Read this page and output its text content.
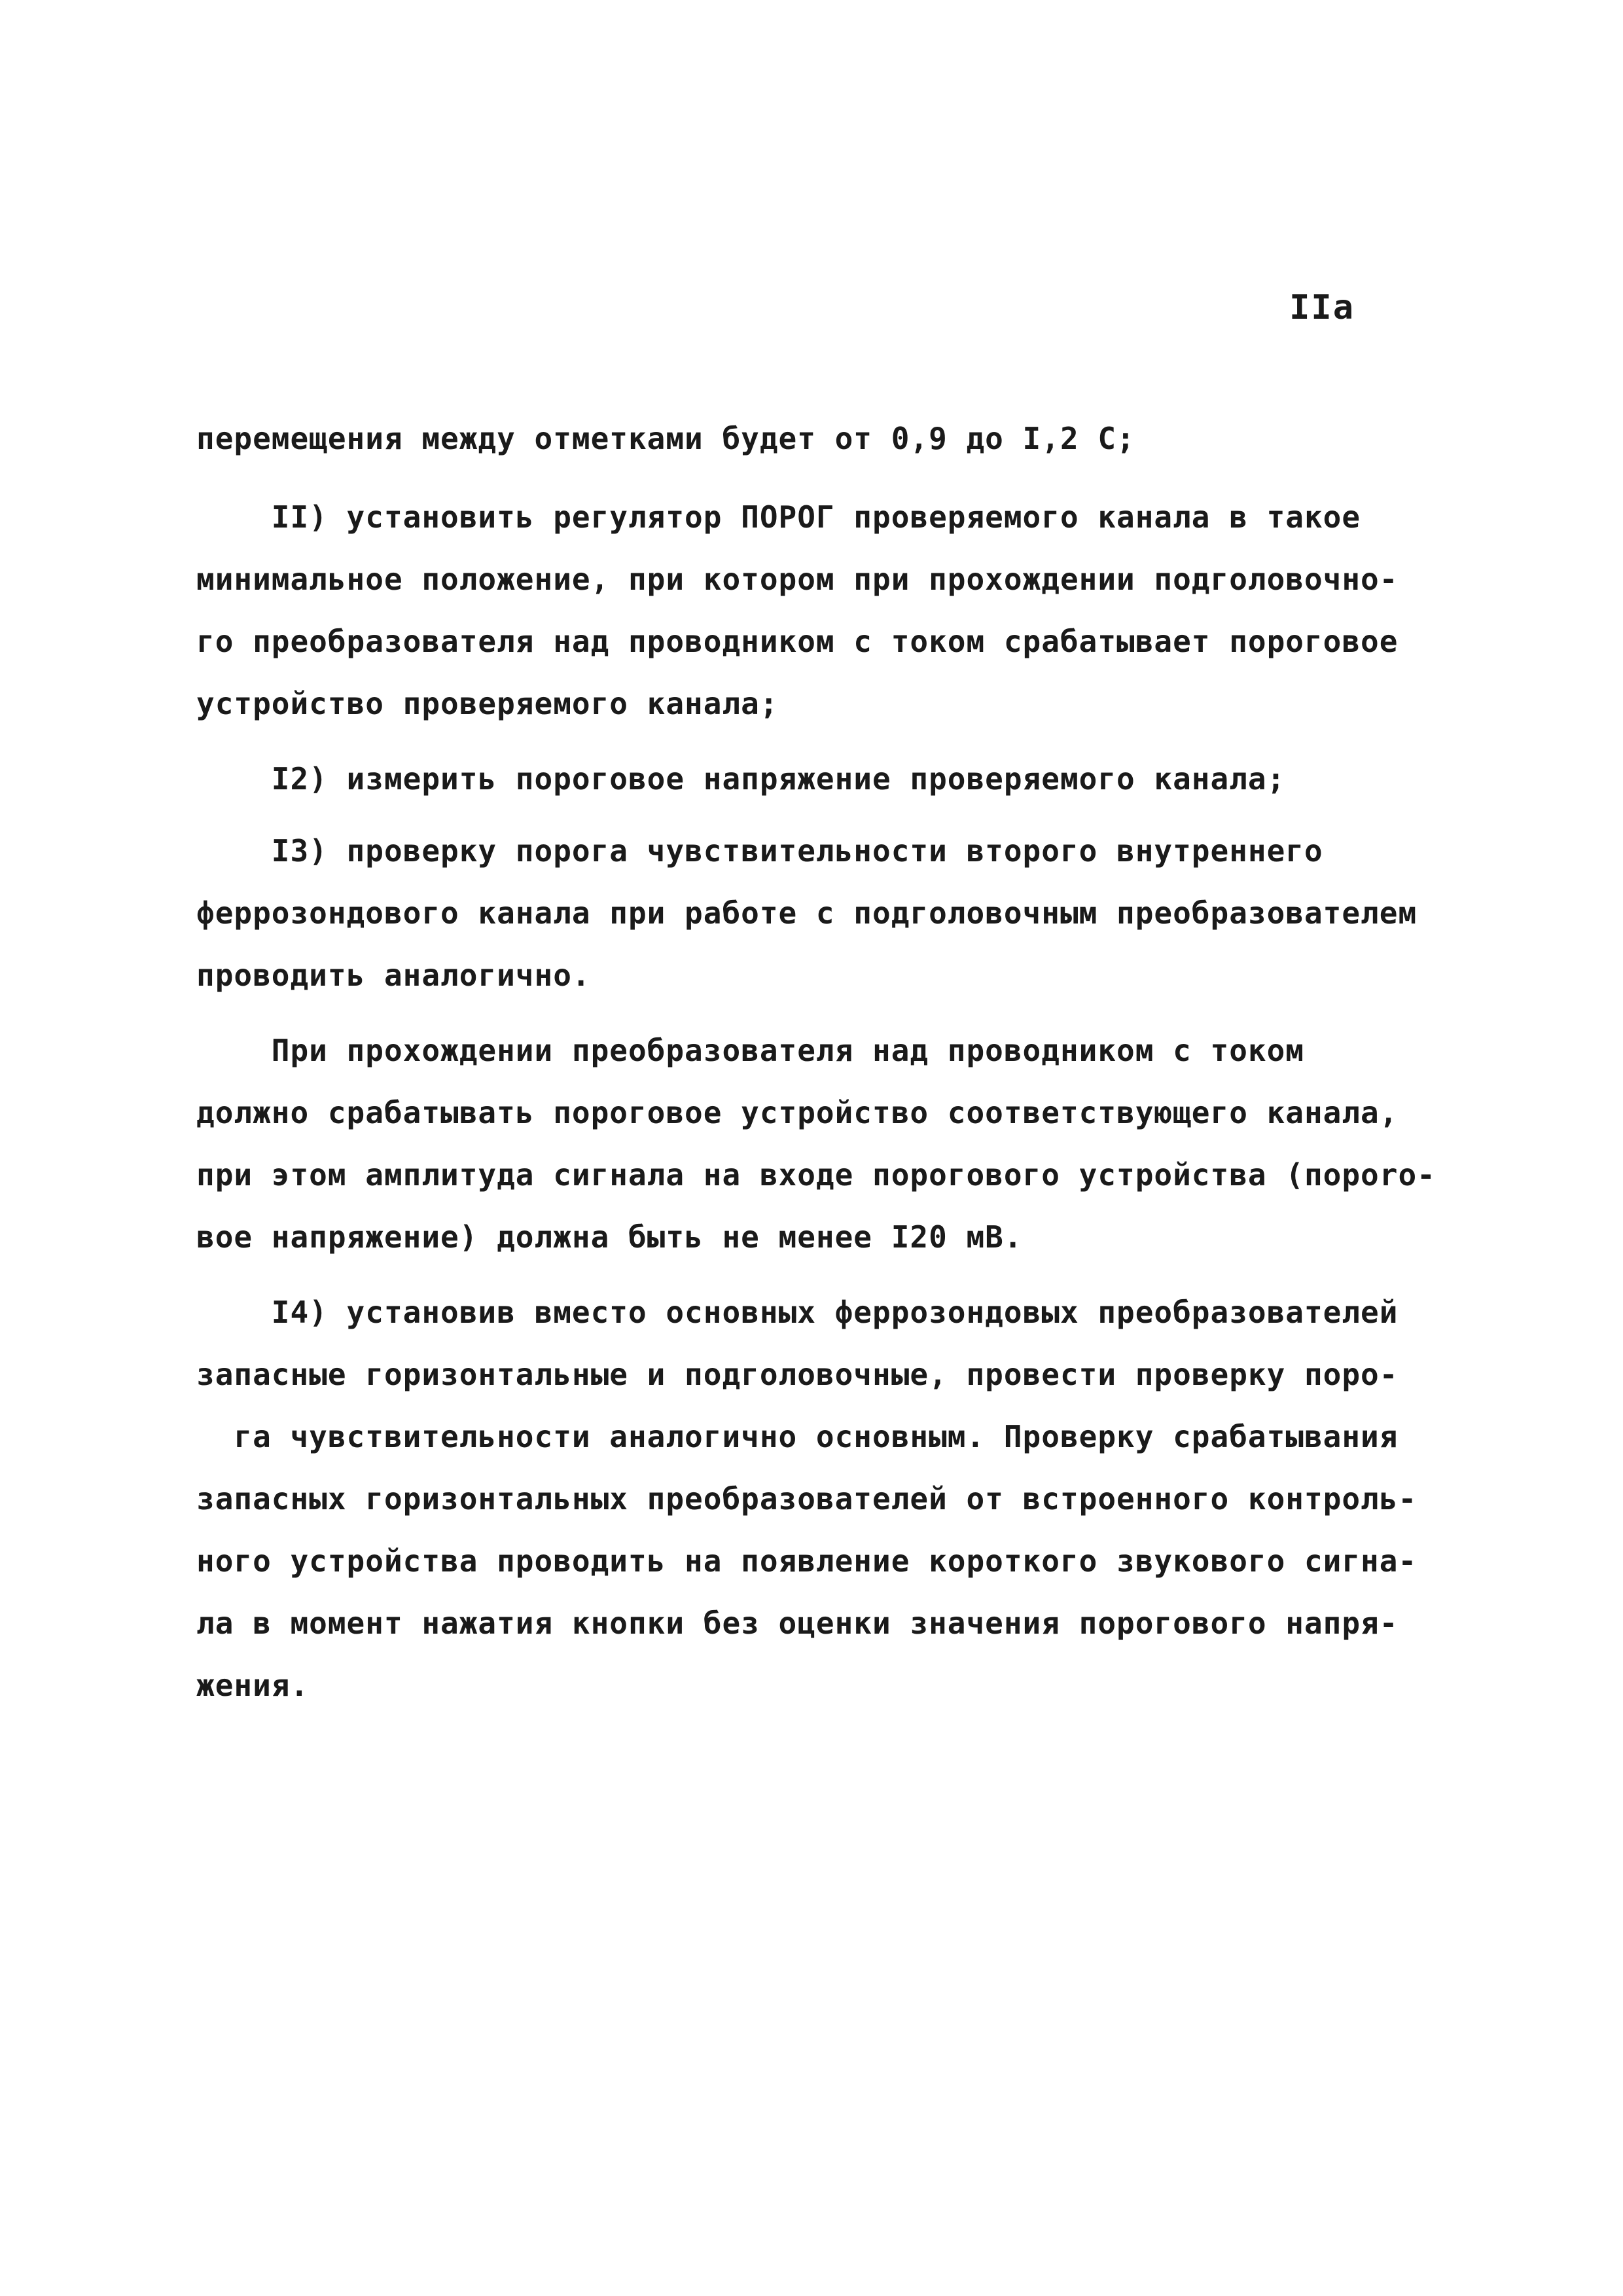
IIa
перемещения между отметками будет от 0,9 до I,2 С;
II) установить регулятор ПОРОГ проверяемого канала в такое
минимальное положение, при котором при прохождении подголовочно-
го преобразователя над проводником с током срабатывает пороговое
устройство проверяемого канала;
I2) измерить пороговое напряжение проверяемого канала;
I3) проверку порога чувствительности второго внутреннего
феррозондового канала при работе с подголовочным преобразователем
проводить аналогично.
При прохождении преобразователя над проводником с током
должно срабатывать пороговое устройство соответствующего канала,
при этом амплитуда сигнала на входе порогового устройства (пороrо-
вое напряжение) должна быть не менее I20 мВ.
I4) установив вместо основных феррозондовых преобразователей
запасные горизонтальные и подголовочные, провести проверку поро-
га чувствительности аналогично основным. Проверку срабатывания
запасных горизонтальных преобразователей от встроенного контроль-
ного устройства проводить на появление короткого звукового сигна-
ла в момент нажатия кнопки без оценки значения порогового напря-
жения.
